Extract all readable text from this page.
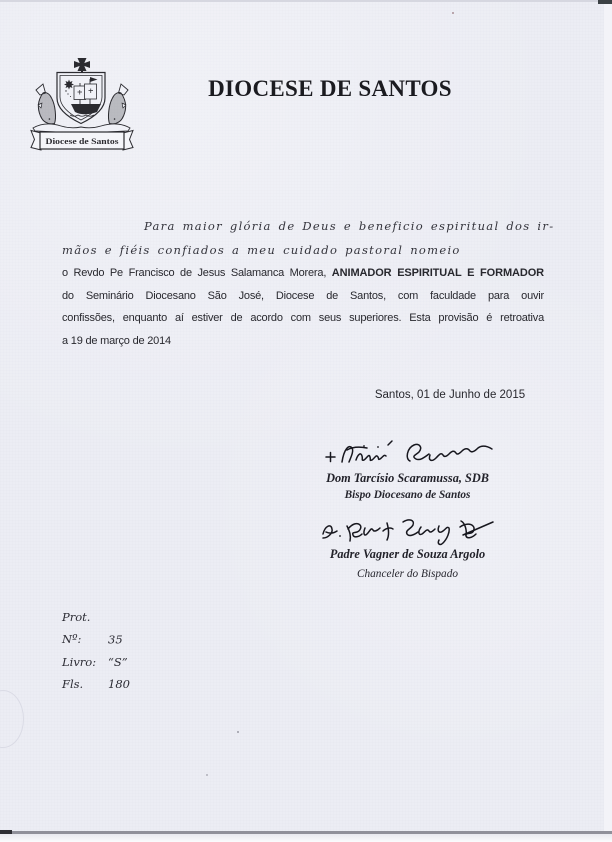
Diocese de Santos
DIOCESE DE SANTOS
Para maior glória de Deus e beneficio espiritual dos ir-
mãos e fiéis confiados a meu cuidado pastoral nomeio
o Revdo Pe Francisco de Jesus Salamanca Morera, ANIMADOR ESPIRITUAL E FORMADOR
do Seminário Diocesano São José, Diocese de Santos, com faculdade para ouvir
confissões, enquanto aí estiver de acordo com seus superiores. Esta provisão é retroativa
a 19 de março de 2014
Santos, 01 de Junho de 2015
Dom Tarcísio Scaramussa, SDB
Bispo Diocesano de Santos
Padre Vagner de Souza Argolo
Chanceler do Bispado
Prot. Nº: 35
Livro: “S”
Fls. 180
